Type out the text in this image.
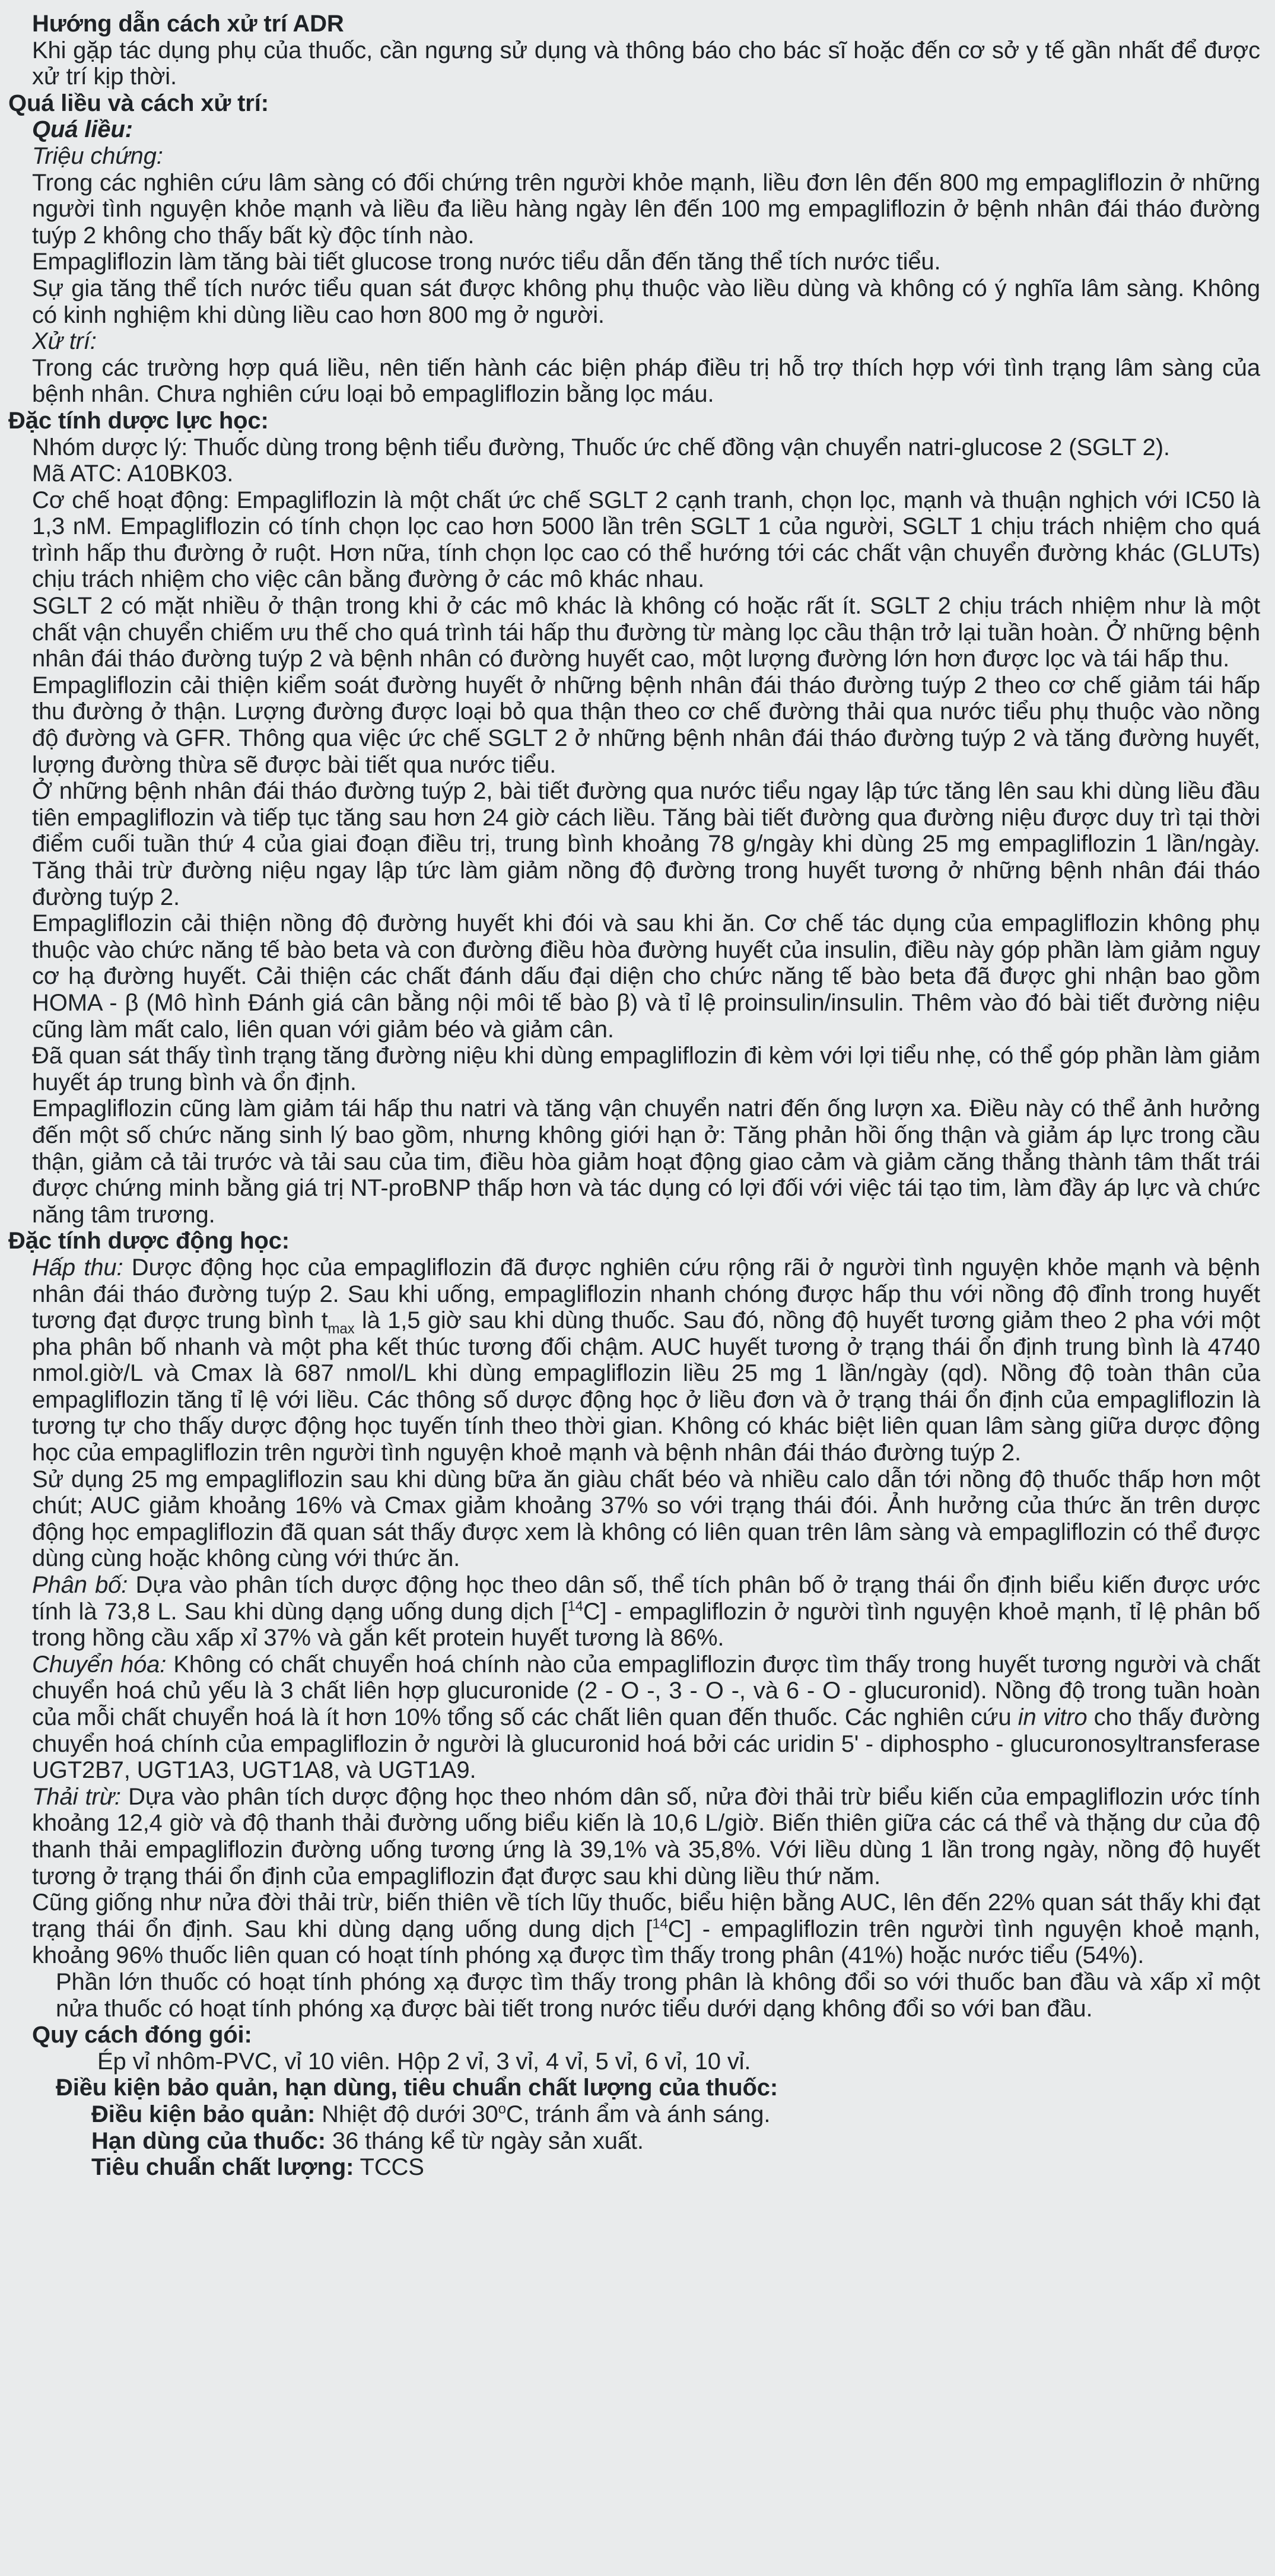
Hướng dẫn cách xử trí ADR
Khi gặp tác dụng phụ của thuốc, cần ngưng sử dụng và thông báo cho bác sĩ hoặc đến cơ sở y tế gần nhất để được xử trí kịp thời.
Quá liều và cách xử trí:
Quá liều:
Triệu chứng:
Trong các nghiên cứu lâm sàng có đối chứng trên người khỏe mạnh, liều đơn lên đến 800 mg empagliflozin ở những người tình nguyện khỏe mạnh và liều đa liều hàng ngày lên đến 100 mg empagliflozin ở bệnh nhân đái tháo đường tuýp 2 không cho thấy bất kỳ độc tính nào.
Empagliflozin làm tăng bài tiết glucose trong nước tiểu dẫn đến tăng thể tích nước tiểu.
Sự gia tăng thể tích nước tiểu quan sát được không phụ thuộc vào liều dùng và không có ý nghĩa lâm sàng. Không có kinh nghiệm khi dùng liều cao hơn 800 mg ở người.
Xử trí:
Trong các trường hợp quá liều, nên tiến hành các biện pháp điều trị hỗ trợ thích hợp với tình trạng lâm sàng của bệnh nhân. Chưa nghiên cứu loại bỏ empagliflozin bằng lọc máu.
Đặc tính dược lực học:
Nhóm dược lý: Thuốc dùng trong bệnh tiểu đường, Thuốc ức chế đồng vận chuyển natri-glucose 2 (SGLT 2).
Mã ATC: A10BK03.
Cơ chế hoạt động: Empagliflozin là một chất ức chế SGLT 2 cạnh tranh, chọn lọc, mạnh và thuận nghịch với IC50 là 1,3 nM. Empagliflozin có tính chọn lọc cao hơn 5000 lần trên SGLT 1 của người, SGLT 1 chịu trách nhiệm cho quá trình hấp thu đường ở ruột. Hơn nữa, tính chọn lọc cao có thể hướng tới các chất vận chuyển đường khác (GLUTs) chịu trách nhiệm cho việc cân bằng đường ở các mô khác nhau.
SGLT 2 có mặt nhiều ở thận trong khi ở các mô khác là không có hoặc rất ít. SGLT 2 chịu trách nhiệm như là một chất vận chuyển chiếm ưu thế cho quá trình tái hấp thu đường từ màng lọc cầu thận trở lại tuần hoàn. Ở những bệnh nhân đái tháo đường tuýp 2 và bệnh nhân có đường huyết cao, một lượng đường lớn hơn được lọc và tái hấp thu.
Empagliflozin cải thiện kiểm soát đường huyết ở những bệnh nhân đái tháo đường tuýp 2 theo cơ chế giảm tái hấp thu đường ở thận. Lượng đường được loại bỏ qua thận theo cơ chế đường thải qua nước tiểu phụ thuộc vào nồng độ đường và GFR. Thông qua việc ức chế SGLT 2 ở những bệnh nhân đái tháo đường tuýp 2 và tăng đường huyết, lượng đường thừa sẽ được bài tiết qua nước tiểu.
Ở những bệnh nhân đái tháo đường tuýp 2, bài tiết đường qua nước tiểu ngay lập tức tăng lên sau khi dùng liều đầu tiên empagliflozin và tiếp tục tăng sau hơn 24 giờ cách liều. Tăng bài tiết đường qua đường niệu được duy trì tại thời điểm cuối tuần thứ 4 của giai đoạn điều trị, trung bình khoảng 78 g/ngày khi dùng 25 mg empagliflozin 1 lần/ngày. Tăng thải trừ đường niệu ngay lập tức làm giảm nồng độ đường trong huyết tương ở những bệnh nhân đái tháo đường tuýp 2.
Empagliflozin cải thiện nồng độ đường huyết khi đói và sau khi ăn. Cơ chế tác dụng của empagliflozin không phụ thuộc vào chức năng tế bào beta và con đường điều hòa đường huyết của insulin, điều này góp phần làm giảm nguy cơ hạ đường huyết. Cải thiện các chất đánh dấu đại diện cho chức năng tế bào beta đã được ghi nhận bao gồm HOMA - β (Mô hình Đánh giá cân bằng nội môi tế bào β) và tỉ lệ proinsulin/insulin. Thêm vào đó bài tiết đường niệu cũng làm mất calo, liên quan với giảm béo và giảm cân.
Đã quan sát thấy tình trạng tăng đường niệu khi dùng empagliflozin đi kèm với lợi tiểu nhẹ, có thể góp phần làm giảm huyết áp trung bình và ổn định.
Empagliflozin cũng làm giảm tái hấp thu natri và tăng vận chuyển natri đến ống lượn xa. Điều này có thể ảnh hưởng đến một số chức năng sinh lý bao gồm, nhưng không giới hạn ở: Tăng phản hồi ống thận và giảm áp lực trong cầu thận, giảm cả tải trước và tải sau của tim, điều hòa giảm hoạt động giao cảm và giảm căng thẳng thành tâm thất trái được chứng minh bằng giá trị NT-proBNP thấp hơn và tác dụng có lợi đối với việc tái tạo tim, làm đầy áp lực và chức năng tâm trương.
Đặc tính dược động học:
Hấp thu: Dược động học của empagliflozin đã được nghiên cứu rộng rãi ở người tình nguyện khỏe mạnh và bệnh nhân đái tháo đường tuýp 2. Sau khi uống, empagliflozin nhanh chóng được hấp thu với nồng độ đỉnh trong huyết tương đạt được trung bình $t_{max}$ là 1,5 giờ sau khi dùng thuốc. Sau đó, nồng độ huyết tương giảm theo 2 pha với một pha phân bố nhanh và một pha kết thúc tương đối chậm. AUC huyết tương ở trạng thái ổn định trung bình là 4740 nmol.giờ/L và Cmax là 687 nmol/L khi dùng empagliflozin liều 25 mg 1 lần/ngày (qd). Nồng độ toàn thân của empagliflozin tăng tỉ lệ với liều. Các thông số dược động học ở liều đơn và ở trạng thái ổn định của empagliflozin là tương tự cho thấy dược động học tuyến tính theo thời gian. Không có khác biệt liên quan lâm sàng giữa dược động học của empagliflozin trên người tình nguyện khoẻ mạnh và bệnh nhân đái tháo đường tuýp 2.
Sử dụng 25 mg empagliflozin sau khi dùng bữa ăn giàu chất béo và nhiều calo dẫn tới nồng độ thuốc thấp hơn một chút; AUC giảm khoảng 16% và Cmax giảm khoảng 37% so với trạng thái đói. Ảnh hưởng của thức ăn trên dược động học empagliflozin đã quan sát thấy được xem là không có liên quan trên lâm sàng và empagliflozin có thể được dùng cùng hoặc không cùng với thức ăn.
Phân bố: Dựa vào phân tích dược động học theo dân số, thể tích phân bố ở trạng thái ổn định biểu kiến được ước tính là 73,8 L. Sau khi dùng dạng uống dung dịch [$^{14}$C] - empagliflozin ở người tình nguyện khoẻ mạnh, tỉ lệ phân bố trong hồng cầu xấp xỉ 37% và gắn kết protein huyết tương là 86%.
Chuyển hóa: Không có chất chuyển hoá chính nào của empagliflozin được tìm thấy trong huyết tương người và chất chuyển hoá chủ yếu là 3 chất liên hợp glucuronide (2 - O -, 3 - O -, và 6 - O - glucuronid). Nồng độ trong tuần hoàn của mỗi chất chuyển hoá là ít hơn 10% tổng số các chất liên quan đến thuốc. Các nghiên cứu in vitro cho thấy đường chuyển hoá chính của empagliflozin ở người là glucuronid hoá bởi các uridin 5' - diphospho - glucuronosyltransferase UGT2B7, UGT1A3, UGT1A8, và UGT1A9.
Thải trừ: Dựa vào phân tích dược động học theo nhóm dân số, nửa đời thải trừ biểu kiến của empagliflozin ước tính khoảng 12,4 giờ và độ thanh thải đường uống biểu kiến là 10,6 L/giờ. Biến thiên giữa các cá thể và thặng dư của độ thanh thải empagliflozin đường uống tương ứng là 39,1% và 35,8%. Với liều dùng 1 lần trong ngày, nồng độ huyết tương ở trạng thái ổn định của empagliflozin đạt được sau khi dùng liều thứ năm.
Cũng giống như nửa đời thải trừ, biến thiên về tích lũy thuốc, biểu hiện bằng AUC, lên đến 22% quan sát thấy khi đạt trạng thái ổn định. Sau khi dùng dạng uống dung dịch [$^{14}$C] - empagliflozin trên người tình nguyện khoẻ mạnh, khoảng 96% thuốc liên quan có hoạt tính phóng xạ được tìm thấy trong phân (41%) hoặc nước tiểu (54%).
Phần lớn thuốc có hoạt tính phóng xạ được tìm thấy trong phân là không đổi so với thuốc ban đầu và xấp xỉ một nửa thuốc có hoạt tính phóng xạ được bài tiết trong nước tiểu dưới dạng không đổi so với ban đầu.
Quy cách đóng gói:
Ép vỉ nhôm-PVC, vỉ 10 viên. Hộp 2 vỉ, 3 vỉ, 4 vỉ, 5 vỉ, 6 vỉ, 10 vỉ.
Điều kiện bảo quản, hạn dùng, tiêu chuẩn chất lượng của thuốc:
Điều kiện bảo quản: Nhiệt độ dưới 30$^o$C, tránh ẩm và ánh sáng.
Hạn dùng của thuốc: 36 tháng kể từ ngày sản xuất.
Tiêu chuẩn chất lượng: TCCS
